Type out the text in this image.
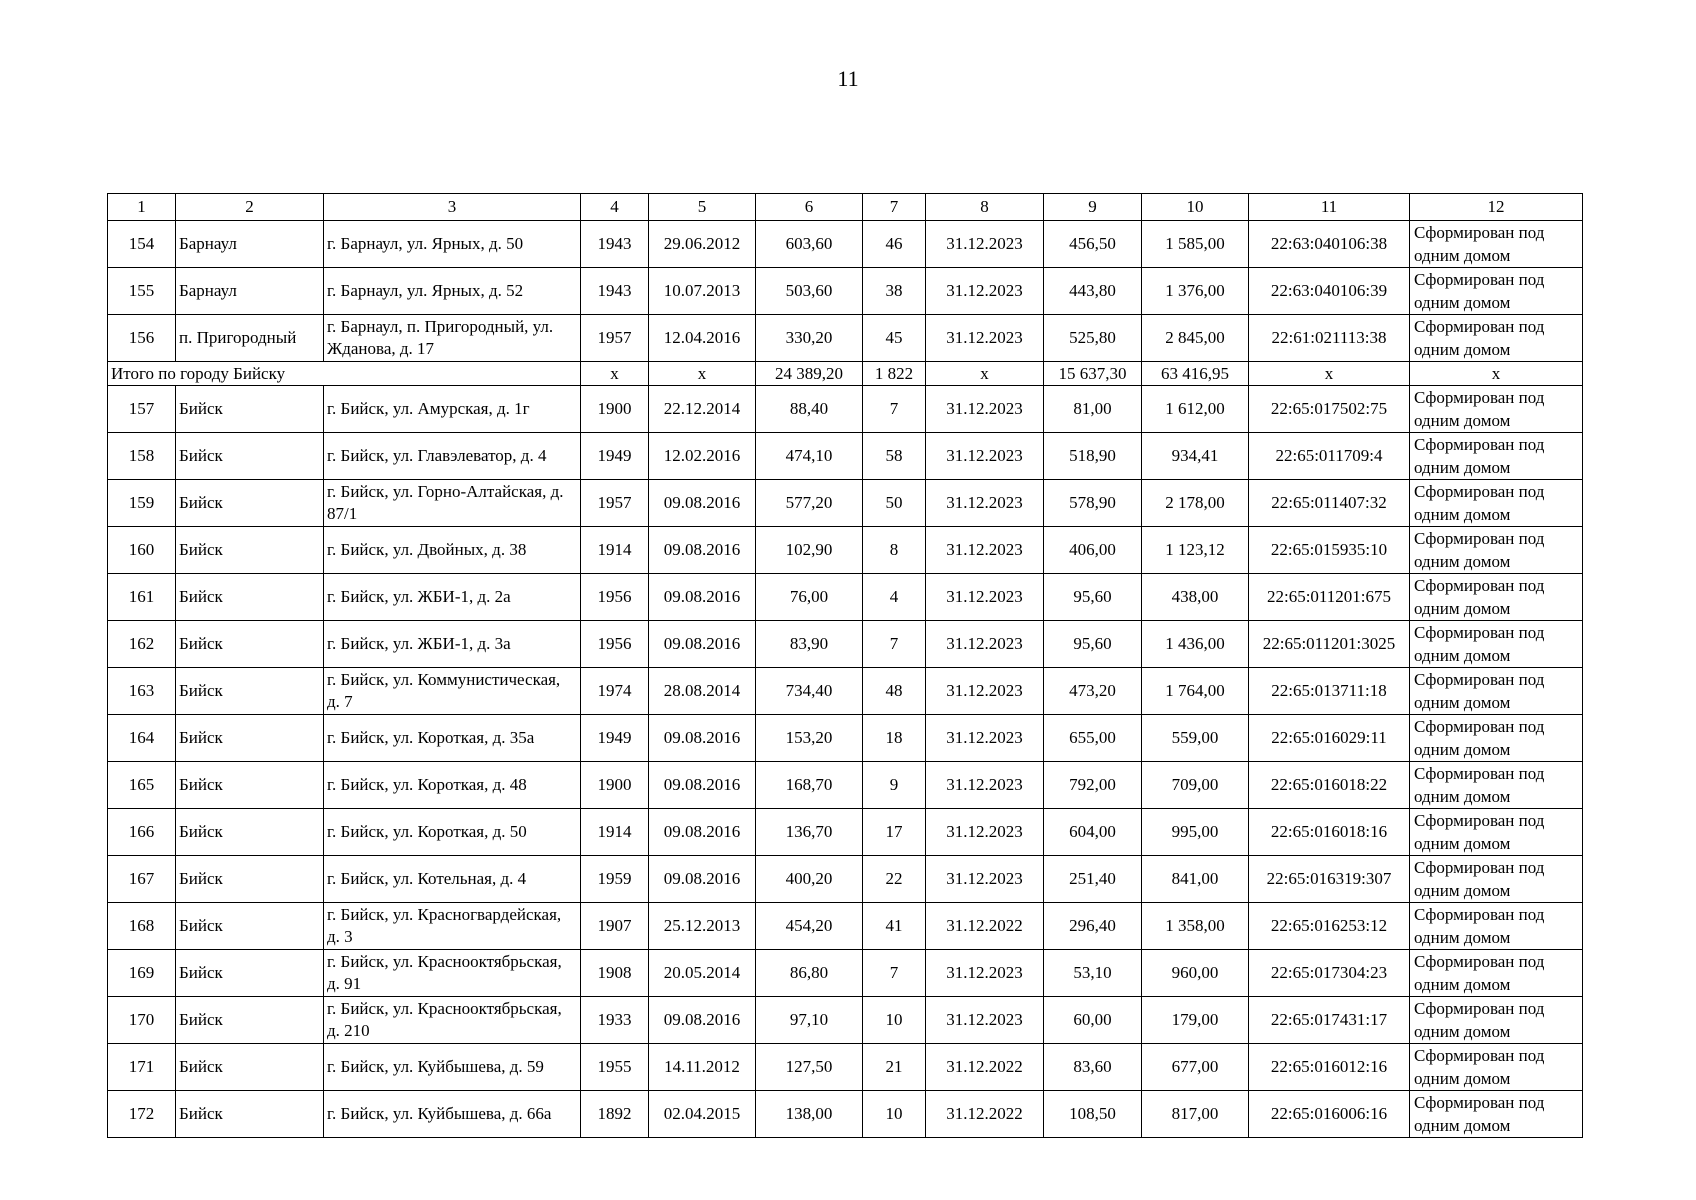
11
1	2	3	4	5	6	7	8	9	10	11	12
154	Барнаул	г. Барнаул, ул. Ярных, д. 50	1943	29.06.2012	603,60	46	31.12.2023	456,50	1 585,00	22:63:040106:38	Сформирован под одним домом
155	Барнаул	г. Барнаул, ул. Ярных, д. 52	1943	10.07.2013	503,60	38	31.12.2023	443,80	1 376,00	22:63:040106:39	Сформирован под одним домом
156	п. Пригородный	г. Барнаул, п. Пригородный, ул. Жданова, д. 17	1957	12.04.2016	330,20	45	31.12.2023	525,80	2 845,00	22:61:021113:38	Сформирован под одним домом
Итого по городу Бийску			х	х	24 389,20	1 822	х	15 637,30	63 416,95	х	х
157	Бийск	г. Бийск, ул. Амурская, д. 1г	1900	22.12.2014	88,40	7	31.12.2023	81,00	1 612,00	22:65:017502:75	Сформирован под одним домом
158	Бийск	г. Бийск, ул. Главэлеватор, д. 4	1949	12.02.2016	474,10	58	31.12.2023	518,90	934,41	22:65:011709:4	Сформирован под одним домом
159	Бийск	г. Бийск, ул. Горно-Алтайская, д. 87/1	1957	09.08.2016	577,20	50	31.12.2023	578,90	2 178,00	22:65:011407:32	Сформирован под одним домом
160	Бийск	г. Бийск, ул. Двойных, д. 38	1914	09.08.2016	102,90	8	31.12.2023	406,00	1 123,12	22:65:015935:10	Сформирован под одним домом
161	Бийск	г. Бийск, ул. ЖБИ-1, д. 2а	1956	09.08.2016	76,00	4	31.12.2023	95,60	438,00	22:65:011201:675	Сформирован под одним домом
162	Бийск	г. Бийск, ул. ЖБИ-1, д. 3а	1956	09.08.2016	83,90	7	31.12.2023	95,60	1 436,00	22:65:011201:3025	Сформирован под одним домом
163	Бийск	г. Бийск, ул. Коммунистическая, д. 7	1974	28.08.2014	734,40	48	31.12.2023	473,20	1 764,00	22:65:013711:18	Сформирован под одним домом
164	Бийск	г. Бийск, ул. Короткая, д. 35а	1949	09.08.2016	153,20	18	31.12.2023	655,00	559,00	22:65:016029:11	Сформирован под одним домом
165	Бийск	г. Бийск, ул. Короткая, д. 48	1900	09.08.2016	168,70	9	31.12.2023	792,00	709,00	22:65:016018:22	Сформирован под одним домом
166	Бийск	г. Бийск, ул. Короткая, д. 50	1914	09.08.2016	136,70	17	31.12.2023	604,00	995,00	22:65:016018:16	Сформирован под одним домом
167	Бийск	г. Бийск, ул. Котельная, д. 4	1959	09.08.2016	400,20	22	31.12.2023	251,40	841,00	22:65:016319:307	Сформирован под одним домом
168	Бийск	г. Бийск, ул. Красногвардейская, д. 3	1907	25.12.2013	454,20	41	31.12.2022	296,40	1 358,00	22:65:016253:12	Сформирован под одним домом
169	Бийск	г. Бийск, ул. Краснооктябрьская, д. 91	1908	20.05.2014	86,80	7	31.12.2023	53,10	960,00	22:65:017304:23	Сформирован под одним домом
170	Бийск	г. Бийск, ул. Краснооктябрьская, д. 210	1933	09.08.2016	97,10	10	31.12.2023	60,00	179,00	22:65:017431:17	Сформирован под одним домом
171	Бийск	г. Бийск, ул. Куйбышева, д. 59	1955	14.11.2012	127,50	21	31.12.2022	83,60	677,00	22:65:016012:16	Сформирован под одним домом
172	Бийск	г. Бийск, ул. Куйбышева, д. 66а	1892	02.04.2015	138,00	10	31.12.2022	108,50	817,00	22:65:016006:16	Сформирован под одним домом
